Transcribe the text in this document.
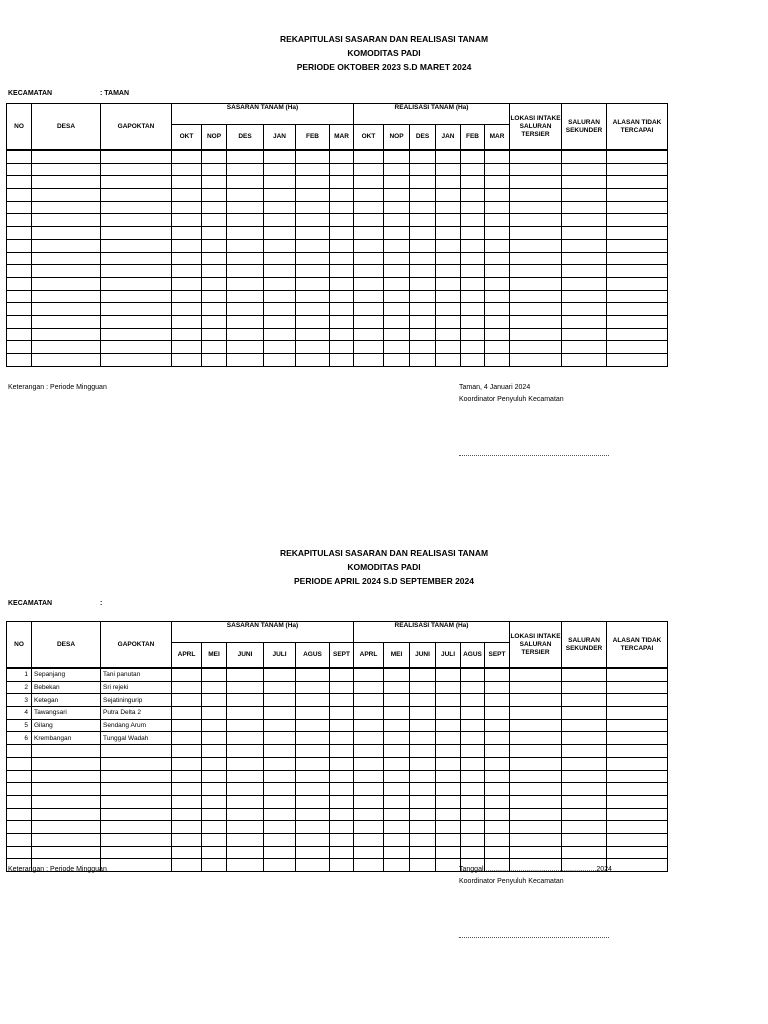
REKAPITULASI SASARAN DAN REALISASI TANAM
KOMODITAS PADI
PERIODE OKTOBER 2023 S.D MARET 2024
KECAMATAN	: TAMAN
NO	DESA	GAPOKTAN	SASARAN TANAM (Ha)						REALISASI TANAM (Ha)						LOKASI INTAKE SALURAN TERSIER	SALURAN SEKUNDER	ALASAN TIDAK TERCAPAI
			OKT	NOP	DES	JAN	FEB	MAR	OKT	NOP	DES	JAN	FEB	MAR			

Keterangan : Periode Mingguan	Taman, 4 Januari 2024
Koordinator Penyuluh Kecamatan
REKAPITULASI SASARAN DAN REALISASI TANAM
KOMODITAS PADI
PERIODE APRIL 2024 S.D SEPTEMBER 2024
KECAMATAN	:
NO	DESA	GAPOKTAN	SASARAN TANAM (Ha)						REALISASI TANAM (Ha)						LOKASI INTAKE SALURAN TERSIER	SALURAN SEKUNDER	ALASAN TIDAK TERCAPAI
			APRL	MEI	JUNI	JULI	AGUS	SEPT	APRL	MEI	JUNI	JULI	AGUS	SEPT			
1	Sepanjang	Tani panutan															
2	Bebekan	Sri rejeki															
3	Ketegan	Sejatiningurip															
4	Tawangsari	Putra Delta 2															
5	Gilang	Sendang Arum															
6	Krembangan	Tunggal Wadah															

Keterangan : Periode Mingguan	Tanggal..........................................................2024
Koordinator Penyuluh Kecamatan
